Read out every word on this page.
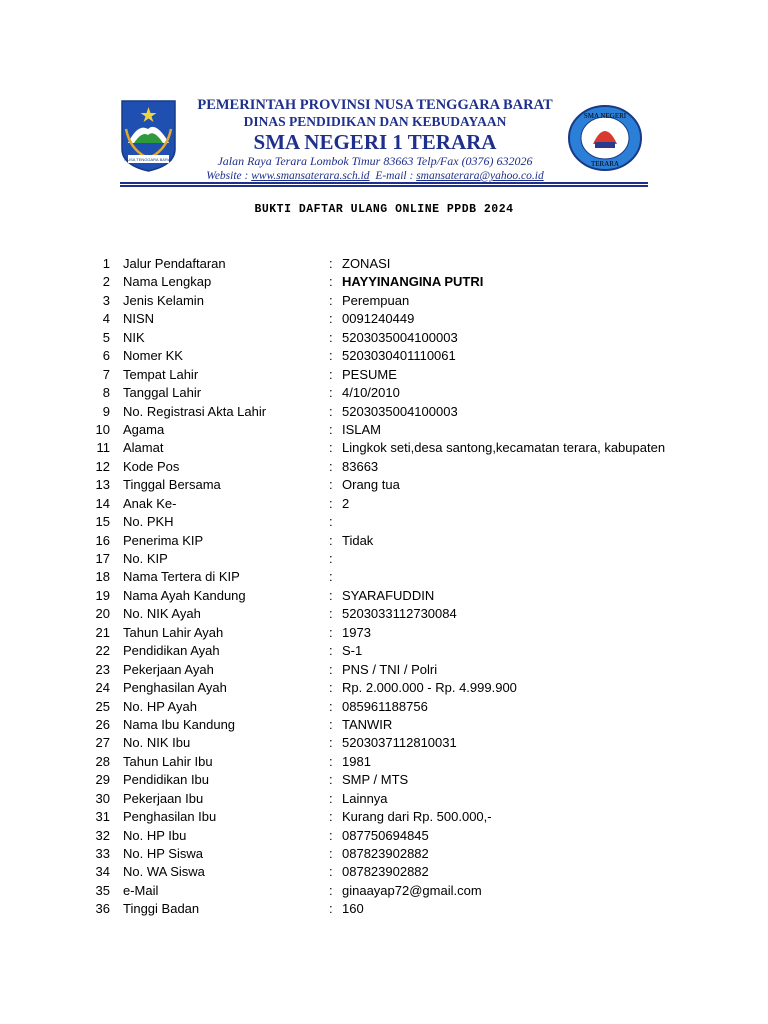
NUSA TENGGARA BARAT
PEMERINTAH PROVINSI NUSA TENGGARA BARAT
DINAS PENDIDIKAN DAN KEBUDAYAAN
SMA NEGERI 1 TERARA
Jalan Raya Terara Lombok Timur 83663 Telp/Fax (0376) 632026
Website : www.smansaterara.sch.id  E-mail : smansaterara@yahoo.co.id
SMA NEGERI
TERARA
BUKTI DAFTAR ULANG ONLINE PPDB 2024
1 Jalur Pendaftaran	: ZONASI
2 Nama Lengkap	: HAYYINANGINA PUTRI
3 Jenis Kelamin	: Perempuan
4 NISN	: 0091240449
5 NIK	: 5203035004100003
6 Nomer KK	: 5203030401110061
7 Tempat Lahir	: PESUME
8 Tanggal Lahir	: 4/10/2010
9 No. Registrasi Akta Lahir	: 5203035004100003
10 Agama	: ISLAM
11 Alamat	: Lingkok seti,desa santong,kecamatan terara, kabupaten
12 Kode Pos	: 83663
13 Tinggal Bersama	: Orang tua
14 Anak Ke-	: 2
15 No. PKH	:
16 Penerima KIP	: Tidak
17 No. KIP	:
18 Nama Tertera di KIP	:
19 Nama Ayah Kandung	: SYARAFUDDIN
20 No. NIK Ayah	: 5203033112730084
21 Tahun Lahir Ayah	: 1973
22 Pendidikan Ayah	: S-1
23 Pekerjaan Ayah	: PNS / TNI / Polri
24 Penghasilan Ayah	: Rp. 2.000.000 - Rp. 4.999.900
25 No. HP Ayah	: 085961188756
26 Nama Ibu Kandung	: TANWIR
27 No. NIK Ibu	: 5203037112810031
28 Tahun Lahir Ibu	: 1981
29 Pendidikan Ibu	: SMP / MTS
30 Pekerjaan Ibu	: Lainnya
31 Penghasilan Ibu	: Kurang dari Rp. 500.000,-
32 No. HP Ibu	: 087750694845
33 No. HP Siswa	: 087823902882
34 No. WA Siswa	: 087823902882
35 e-Mail	: ginaayap72@gmail.com
36 Tinggi Badan	: 160
